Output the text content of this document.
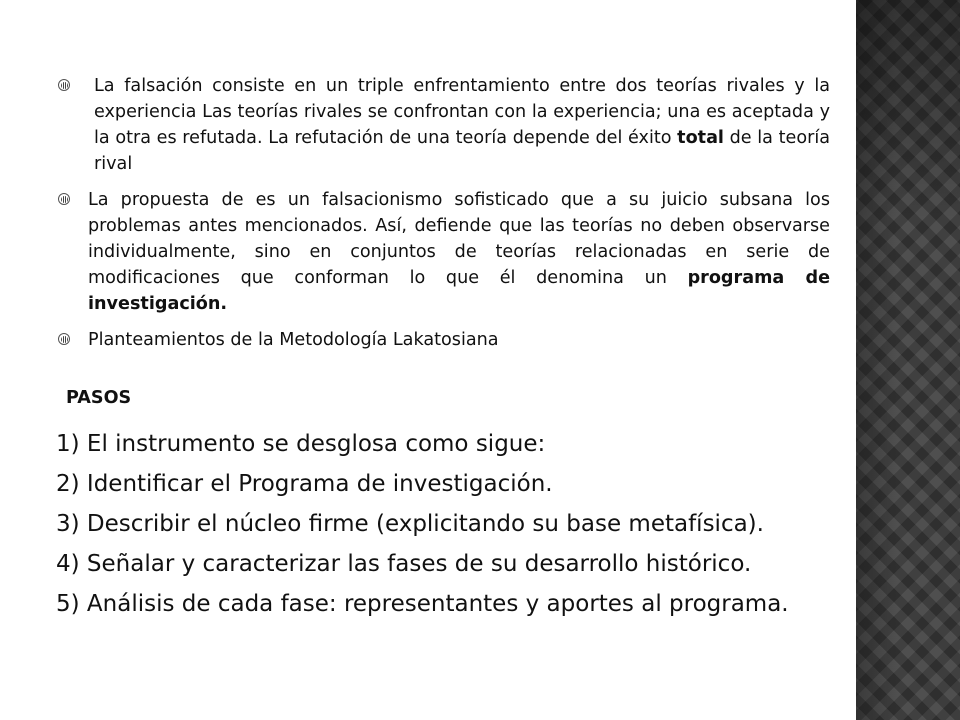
La falsación consiste en un triple enfrentamiento entre dos teorías rivales y la experiencia Las teorías rivales se confrontan con la experiencia; una es aceptada y la otra es refutada. La refutación de una teoría depende del éxito total de la teoría rival

La propuesta de es un falsacionismo sofisticado que a su juicio subsana los problemas antes mencionados. Así, defiende que las teorías no deben observarse individualmente, sino en conjuntos de teorías relacionadas en serie de modificaciones que conforman lo que él denomina un programa de investigación.

Planteamientos de la Metodología Lakatosiana

PASOS

1) El instrumento se desglosa como sigue:

2) Identificar el Programa de investigación.

3) Describir el núcleo firme (explicitando su base metafísica).

4) Señalar y caracterizar las fases de su desarrollo histórico.

5) Análisis de cada fase: representantes y aportes al programa.
